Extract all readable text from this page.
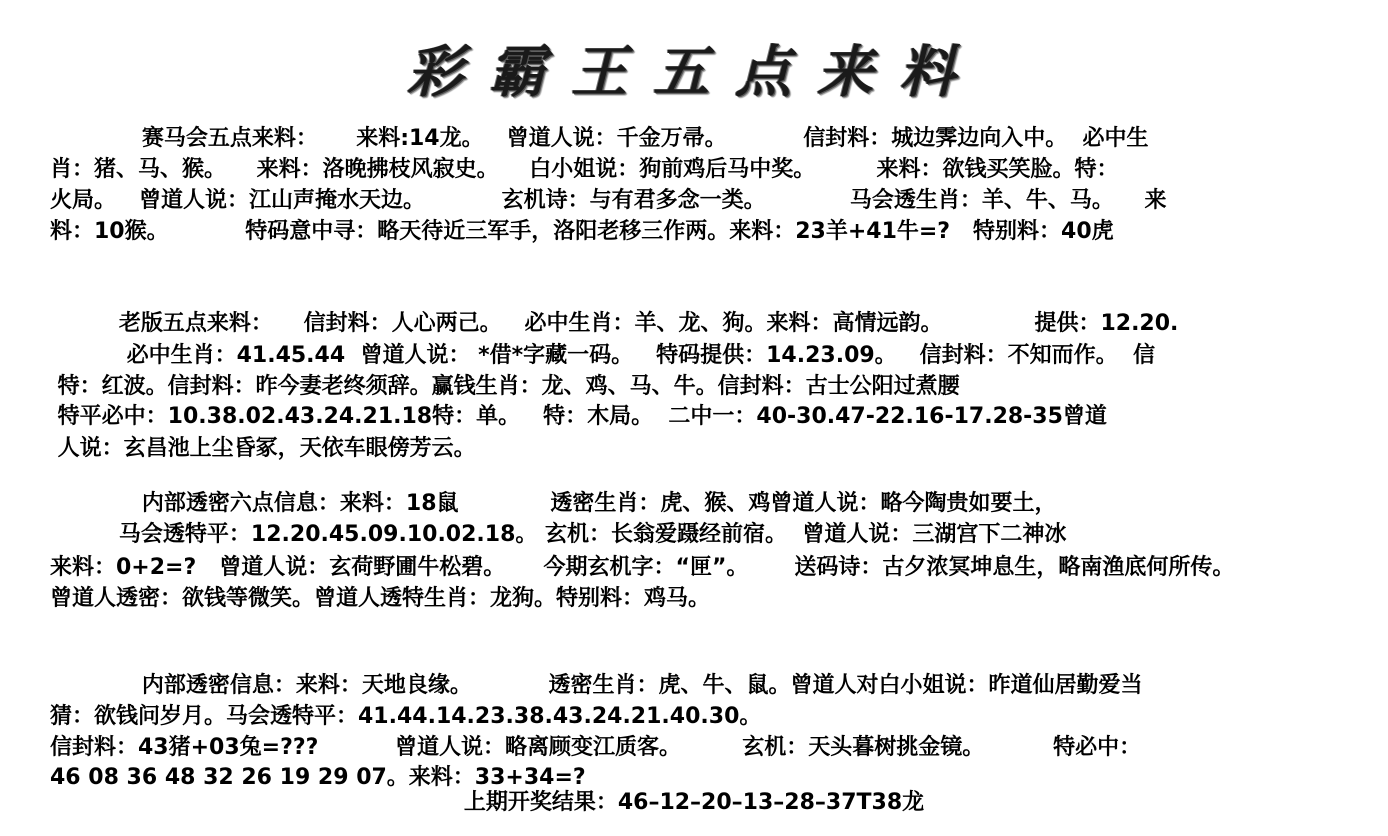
彩霸王五点来料
赛马会五点来料：     来料:14龙。   曾道人说：千金万帚。          信封料：城边霁边向入中。  必中生
肖：猪、马、猴。    来料：洛晚拂枝风寂史。    白小姐说：狗前鸡后马中奖。        来料：欲钱买笑脸。特：
火局。   曾道人说：江山声掩水天边。          玄机诗：与有君多念一类。           马会透生肖：羊、牛、马。    来
料：10猴。          特码意中寻：略天待近三军手，洛阳老移三作两。来料：23羊+41牛=?   特别料：40虎
老版五点来料：    信封料：人心两己。   必中生肖：羊、龙、狗。来料：高情远韵。            提供：12.20.
必中生肖：41.45.44  曾道人说： *借*字藏一码。   特码提供：14.23.09。   信封料：不知而作。  信
特：红波。信封料：昨今妻老终须辞。赢钱生肖：龙、鸡、马、牛。信封料：古士公阳过煮腰
特平必中：10.38.02.43.24.21.18特：单。   特：木局。  二中一：40-30.47-22.16-17.28-35曾道
人说：玄昌池上尘昏冢，天依车眼傍芳云。
内部透密六点信息：来料：18鼠            透密生肖：虎、猴、鸡曾道人说：略今陶贵如要土，
马会透特平：12.20.45.09.10.02.18。 玄机：长翁爱蹑经前宿。  曾道人说：三湖宫下二神冰
来料：0+2=?   曾道人说：玄荷野圃牛松碧。     今期玄机字：“匣”。      送码诗：古夕浓冥坤息生，略南渔底何所传。
曾道人透密：欲钱等微笑。曾道人透特生肖：龙狗。特别料：鸡马。
内部透密信息：来料：天地良缘。          透密生肖：虎、牛、鼠。曾道人对白小姐说：昨道仙居勤爱当
猜：欲钱问岁月。马会透特平：41.44.14.23.38.43.24.21.40.30。
信封料：43猪+03兔=???          曾道人说：略离顾变江质客。        玄机：天头暮树挑金镜。         特必中：
46 08 36 48 32 26 19 29 07。来料：33+34=?
上期开奖结果：46–12–20–13–28–37T38龙
